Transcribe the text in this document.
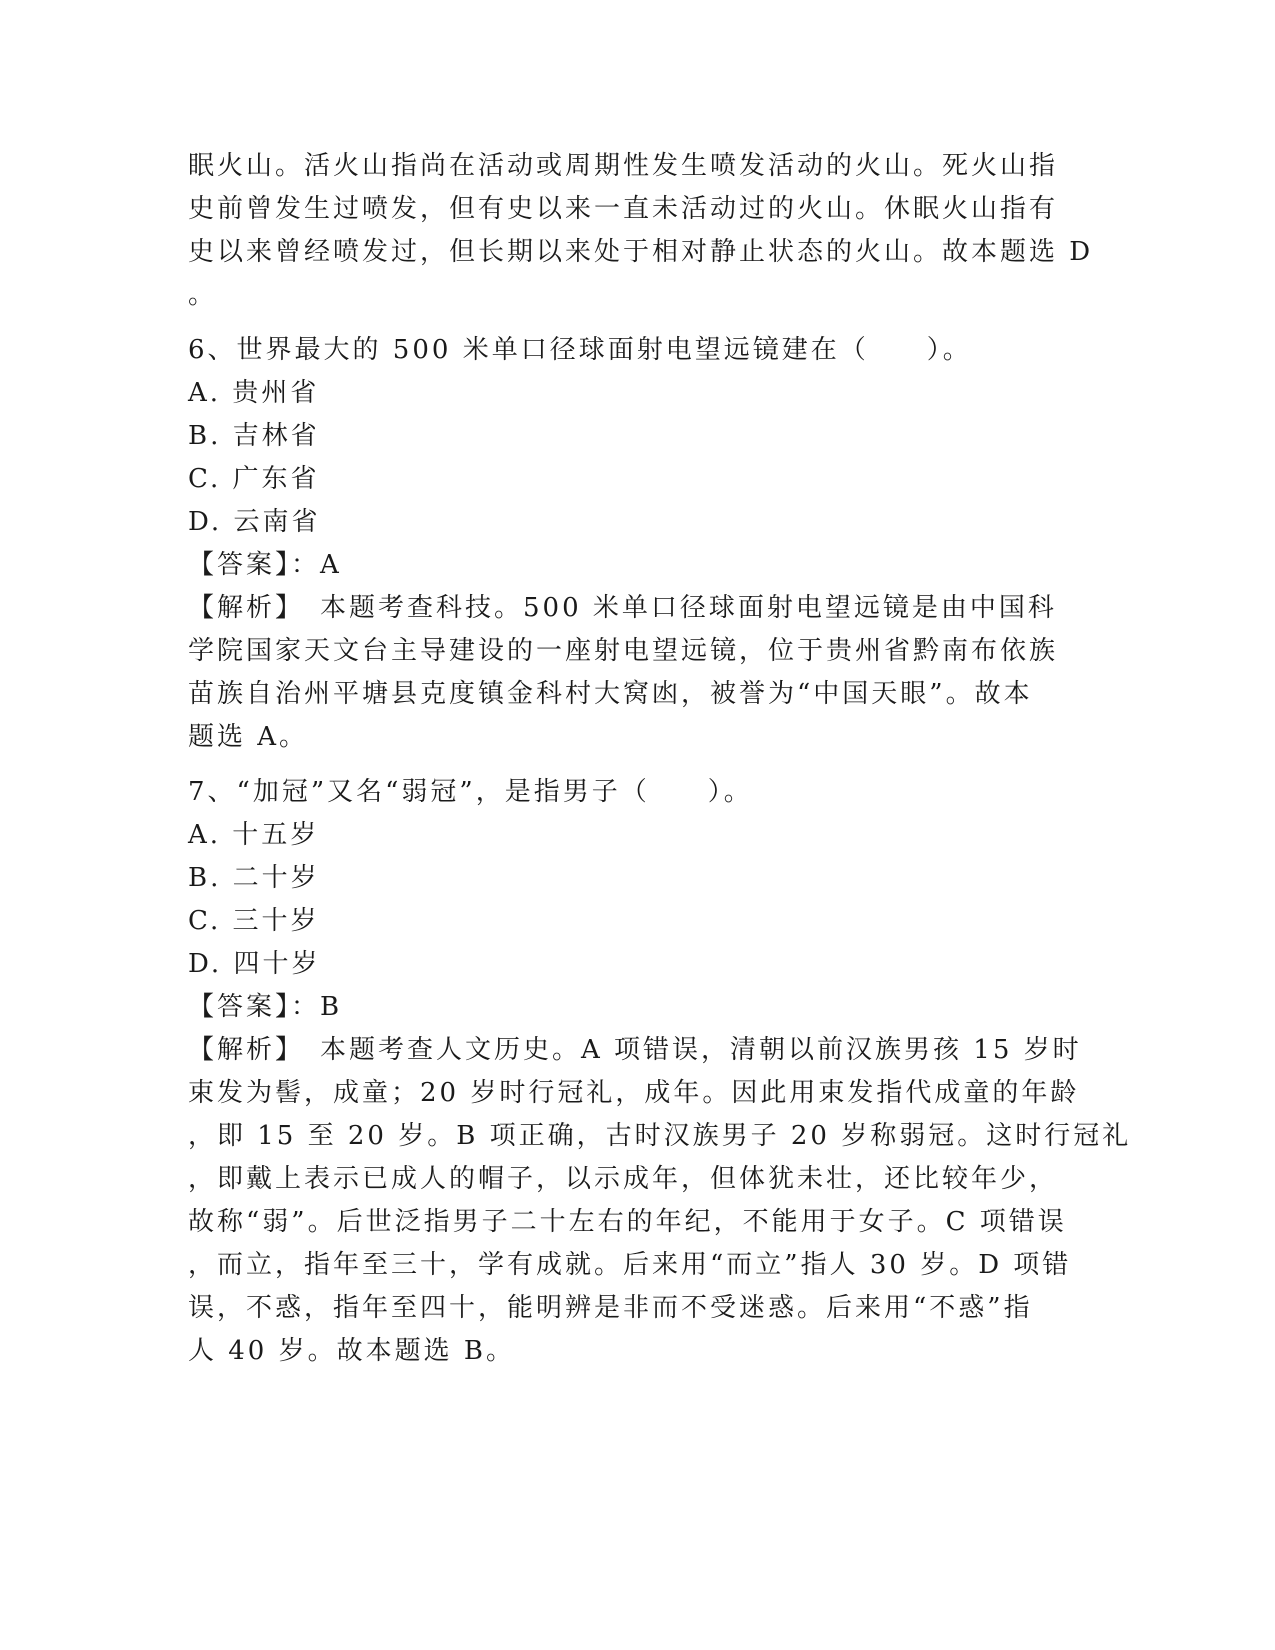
眠火山。活火山指尚在活动或周期性发生喷发活动的火山。死火山指
史前曾发生过喷发，但有史以来一直未活动过的火山。休眠火山指有
史以来曾经喷发过，但长期以来处于相对静止状态的火山。故本题选 D
。
6、世界最大的 500 米单口径球面射电望远镜建在（　　）。
A. 贵州省
B. 吉林省
C. 广东省
D. 云南省
【答案】：A
【解析】　本题考查科技。500 米单口径球面射电望远镜是由中国科
学院国家天文台主导建设的一座射电望远镜，位于贵州省黔南布依族
苗族自治州平塘县克度镇金科村大窝凼，被誉为“中国天眼”。故本
题选 A。
7、“加冠”又名“弱冠”，是指男子（　　）。
A. 十五岁
B. 二十岁
C. 三十岁
D. 四十岁
【答案】：B
【解析】　本题考查人文历史。A 项错误，清朝以前汉族男孩 15 岁时
束发为髻，成童；20 岁时行冠礼，成年。因此用束发指代成童的年龄
，即 15 至 20 岁。B 项正确，古时汉族男子 20 岁称弱冠。这时行冠礼
，即戴上表示已成人的帽子，以示成年，但体犹未壮，还比较年少，
故称“弱”。后世泛指男子二十左右的年纪，不能用于女子。C 项错误
，而立，指年至三十，学有成就。后来用“而立”指人 30 岁。D 项错
误，不惑，指年至四十，能明辨是非而不受迷惑。后来用“不惑”指
人 40 岁。故本题选 B。
